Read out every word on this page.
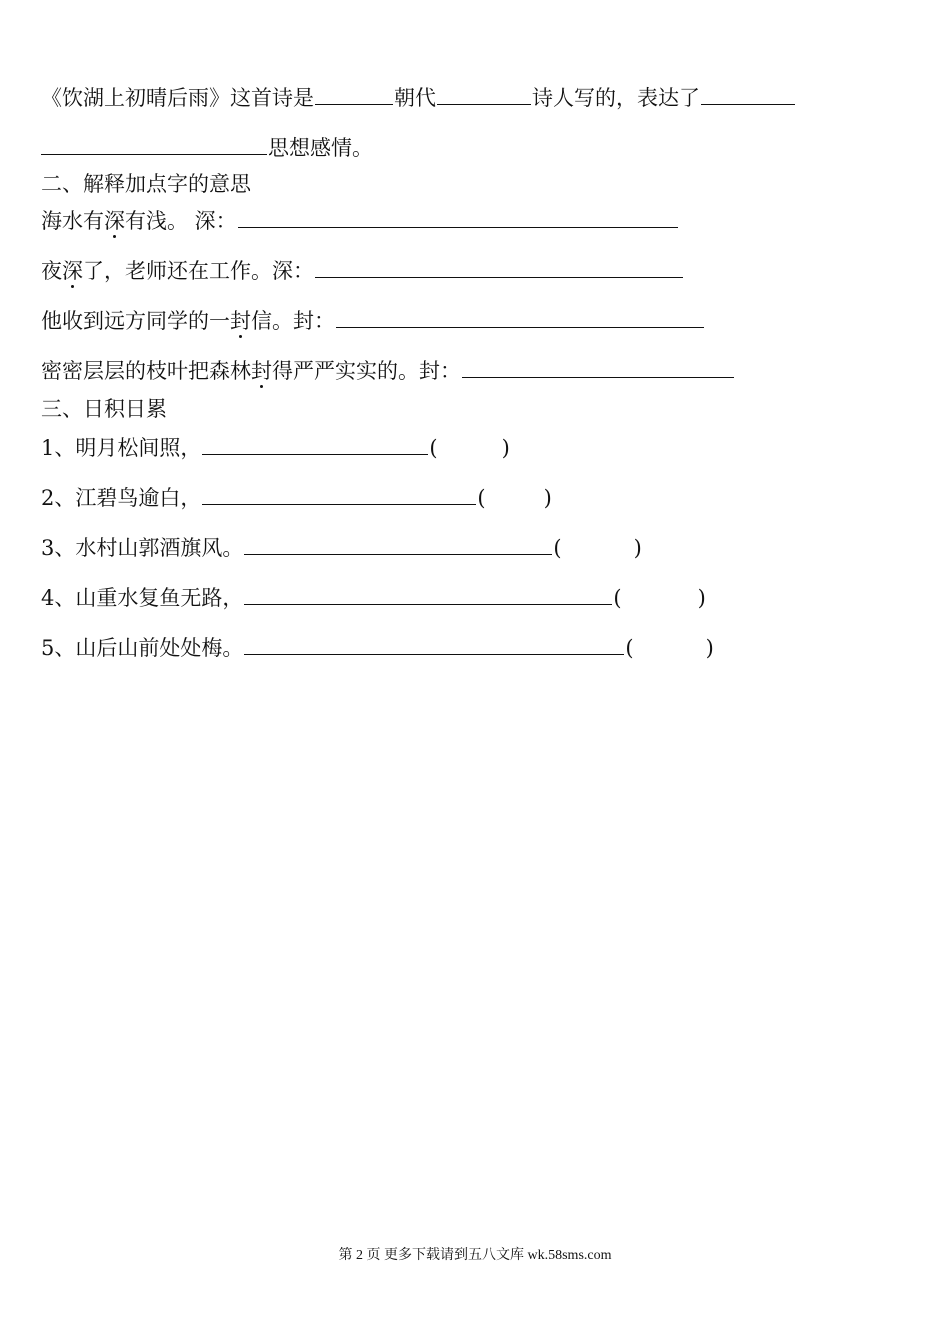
《饮湖上初晴后雨》这首诗是	朝代	诗人写的，表达了
思想感情。
二、解释加点字的意思
海水有深有浅。 深：
夜深了，老师还在工作。深：
他收到远方同学的一封信。封：
密密层层的枝叶把森林封得严严实实的。封：
三、日积日累
1、明月松间照，	(	)
2、江碧鸟逾白，	(	)
3、水村山郭酒旗风。	(	)
4、山重水复鱼无路，	(	)
5、山后山前处处梅。	(	)
第 2 页 更多下载请到五八文库 wk.58sms.com
